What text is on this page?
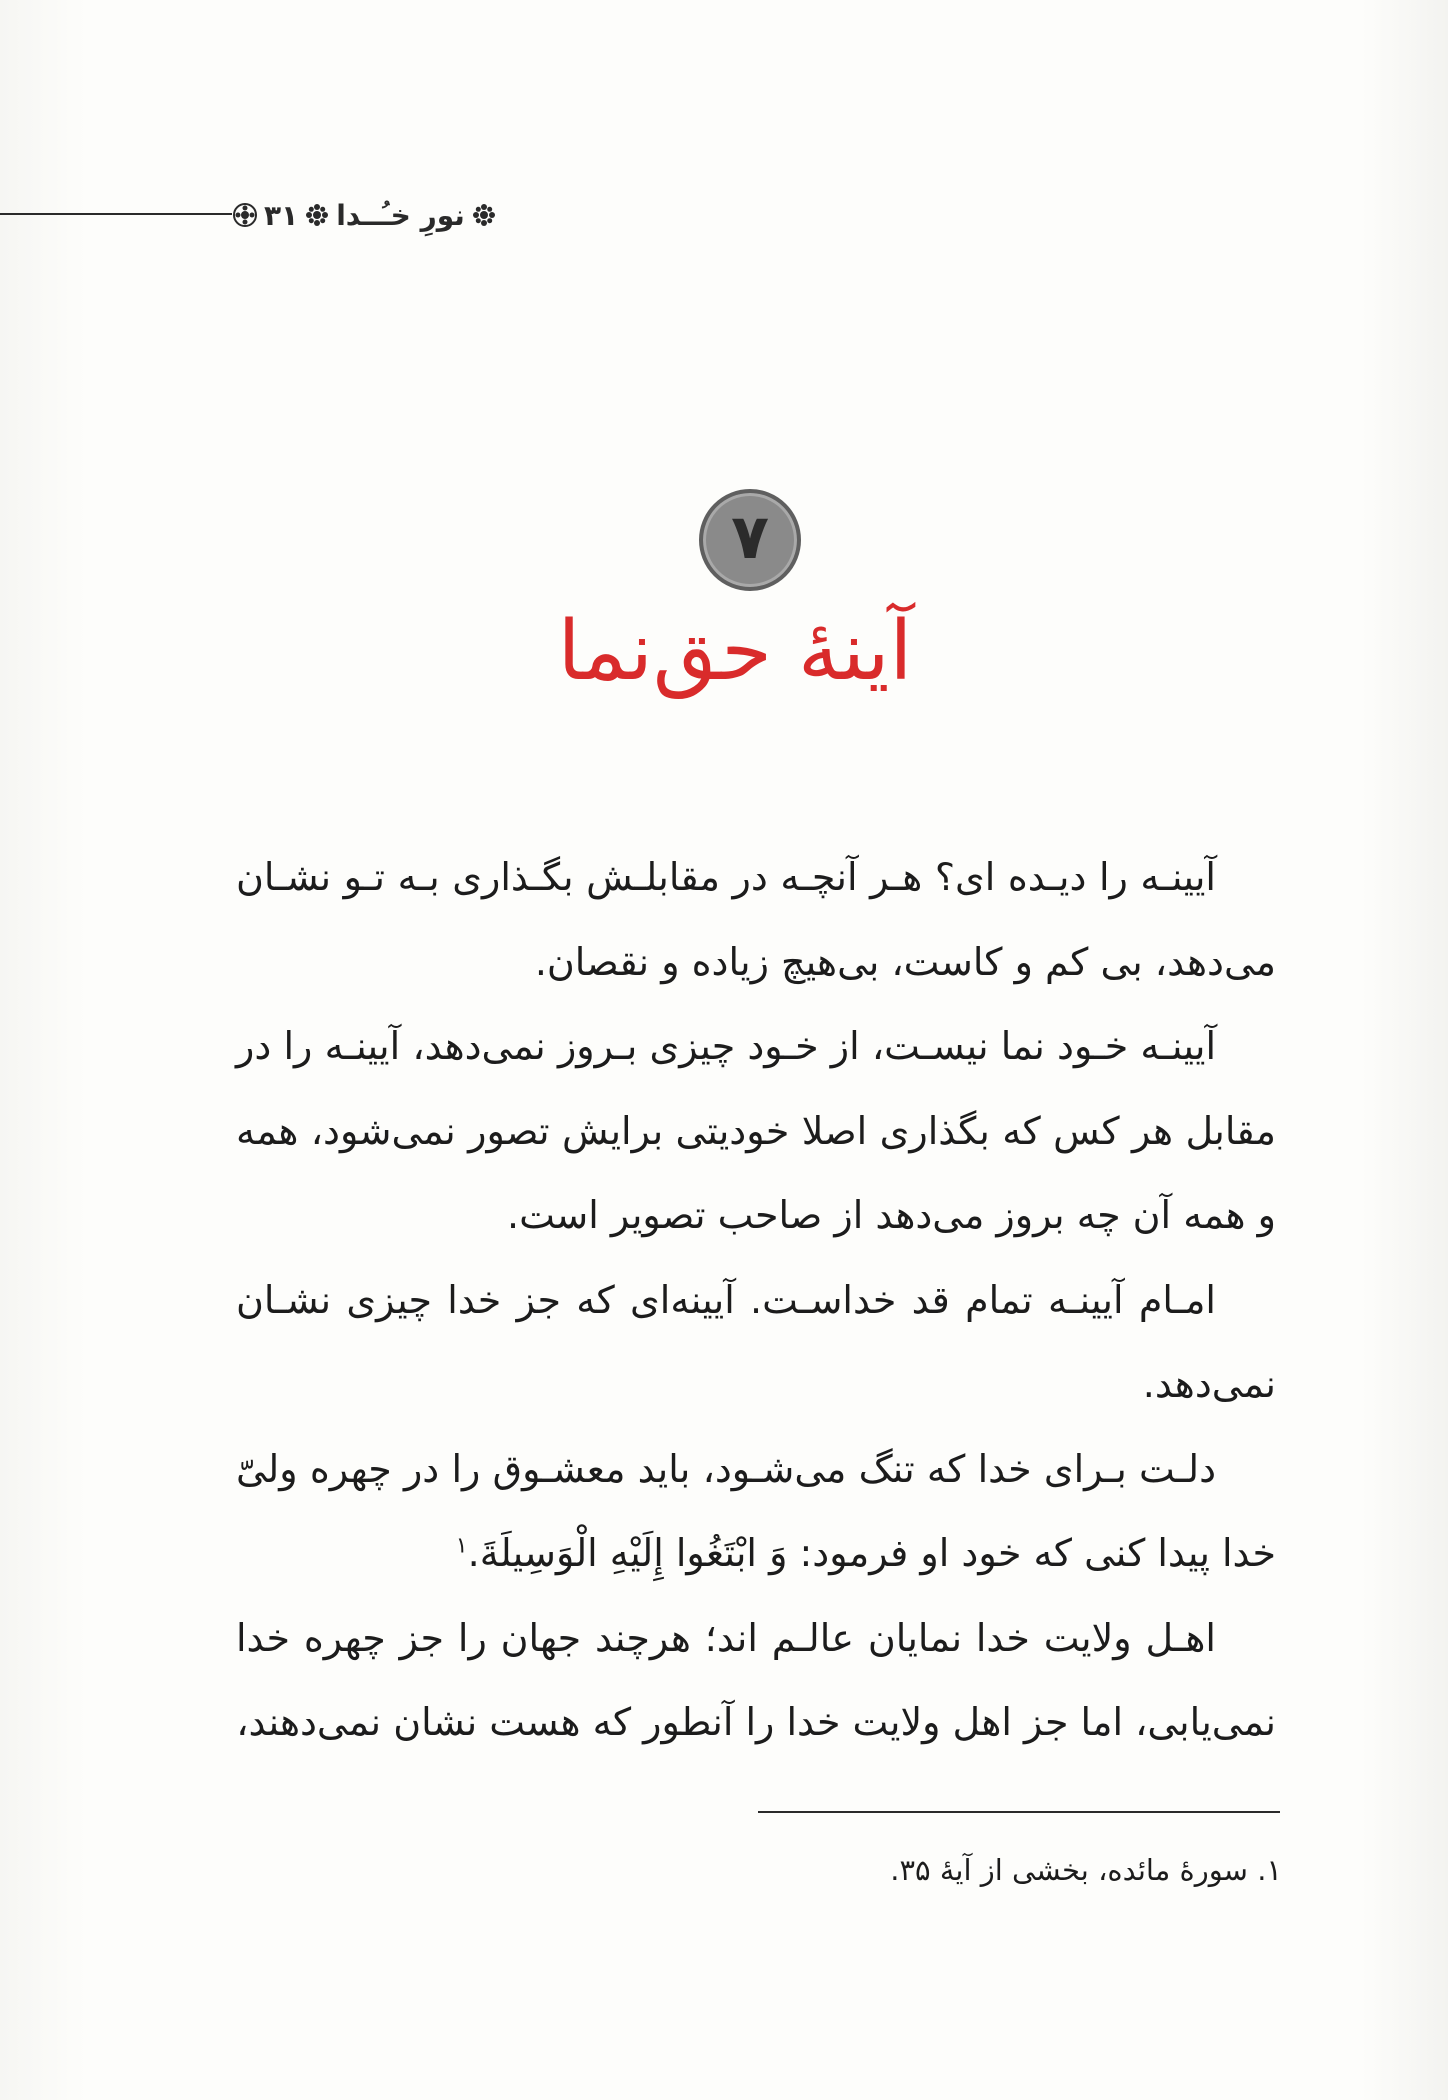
۳۱ نورِ خـُــدا
۷
آینهٔ حق‌نما

آیینـه را دیـده ای؟ هـر آنچـه در مقابلـش بگـذاری بـه تـو نشـان می‌دهد، بی کم و کاست، بی‌هیچ زیاده و نقصان.

آیینـه خـود نما نیسـت، از خـود چیزی بـروز نمی‌دهد، آیینـه را در مقابل هر کس که بگذاری اصلا خودیتی برایش تصور نمی‌شود، همه و همه آن چه بروز می‌دهد از صاحب تصویر است.

امـام آیینـه تمام قد خداسـت. آیینه‌ای که جز خدا چیزی نشـان نمی‌دهد.

دلـت بـرای خدا که تنگ می‌شـود، باید معشـوق را در چهره ولیّ خدا پیدا کنی که خود او فرمود: وَ ابْتَغُوا إِلَيْهِ الْوَسِيلَةَ.$^۱$

اهـل ولایت خدا نمایان عالـم اند؛ هرچند جهان را جز چهره خدا نمی‌یابی، اما جز اهل ولایت خدا را آنطور که هست نشان نمی‌دهند،

۱. سورهٔ مائده، بخشی از آیهٔ ۳۵.
